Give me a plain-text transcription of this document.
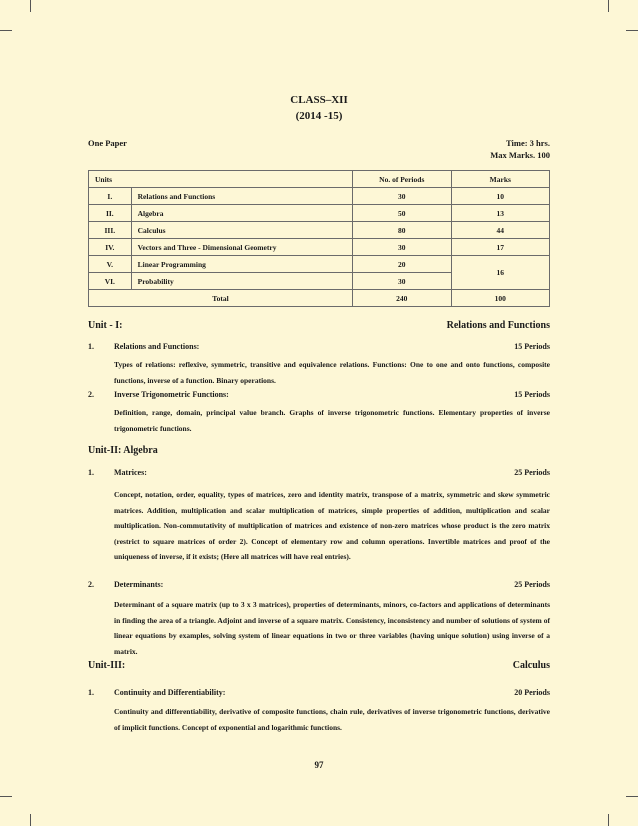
CLASS–XII
(2014 -15)
One Paper	Time: 3 hrs.
Max Marks. 100
Units		No. of Periods	Marks
I.	Relations and Functions	30	10
II.	Algebra	50	13
III.	Calculus	80	44
IV.	Vectors and Three - Dimensional Geometry	30	17
V.	Linear Programming	20	16
VI.	Probability	30	
Total		240	100
Unit - I:	Relations and Functions
1.	Relations and Functions:	15 Periods
Types of relations: reflexive, symmetric, transitive and equivalence relations. Functions: One to one and onto functions, composite functions, inverse of a function. Binary operations.
2.	Inverse Trigonometric Functions:	15 Periods
Definition, range, domain, principal value branch. Graphs of inverse trigonometric functions. Elementary properties of inverse trigonometric functions.
Unit-II: Algebra
1.	Matrices:	25 Periods
Concept, notation, order, equality, types of matrices, zero and identity matrix, transpose of a matrix, symmetric and skew symmetric matrices. Addition, multiplication and scalar multiplication of matrices, simple properties of addition, multiplication and scalar multiplication. Non-commutativity of multiplication of matrices and existence of non-zero matrices whose product is the zero matrix (restrict to square matrices of order 2). Concept of elementary row and column operations. Invertible matrices and proof of the uniqueness of inverse, if it exists; (Here all matrices will have real entries).
2.	Determinants:	25 Periods
Determinant of a square matrix (up to 3 x 3 matrices), properties of determinants, minors, co-factors and applications of determinants in finding the area of a triangle. Adjoint and inverse of a square matrix. Consistency, inconsistency and number of solutions of system of linear equations by examples, solving system of linear equations in two or three variables (having unique solution) using inverse of a matrix.
Unit-III:	Calculus
1.	Continuity and Differentiability:	20 Periods
Continuity and differentiability, derivative of composite functions, chain rule, derivatives of inverse trigonometric functions, derivative of implicit functions. Concept of exponential and logarithmic functions.
97
